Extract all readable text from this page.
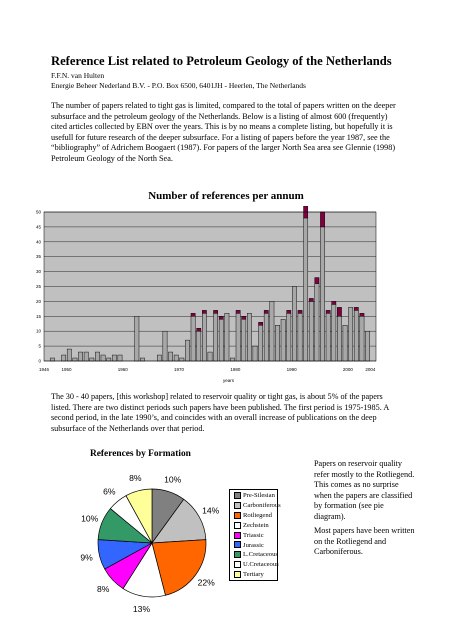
Reference List related to Petroleum Geology of the Netherlands
F.F.N. van Hulten
Energie Beheer Nederland B.V. - P.O. Box 6500, 6401JH - Heerlen, The Netherlands
The number of papers related to tight gas is limited, compared to the total of papers written on the deeper subsurface and the petroleum geology of the Netherlands. Below is a listing of almost 600 (frequently) cited articles collected by EBN over the years. This is by no means a complete listing, but hopefully it is usefull for future research of the deeper subsurface. For a listing of papers before the year 1987, see the “bibliography” of Adrichem Boogaert (1987). For papers of the larger North Sea area see Glennie (1998) Petroleum Geology of the North Sea.
Number of references per annum
0
5
10
15
20
25
30
35
40
45
50
1946	1950	1960	1970	1980	1990	2000	2004
years
The 30 - 40 papers, [this workshop] related to reservoir quality or tight gas, is about 5% of the papers listed. There are two distinct periods such papers have been published. The first period is 1975-1985. A second period, in the late 1990’s, and coincides with an overall increase of publications on the deep subsurface of the Netherlands over that period.
References by Formation
10%
14%
22%
13%
8%
9%
10%
6%
8%
Pre-Silesian
Carboniferous
Rotliegend
Zechstein
Triassic
Jurassic
L.Cretaceous
U.Cretaceous
Tertiary

Papers on reservoir quality refer mostly to the Rotliegend. This comes as no surprise when the papers are classified by formation (see pie diagram).

Most papers have been written on the Rotliegend and Carboniferous.
